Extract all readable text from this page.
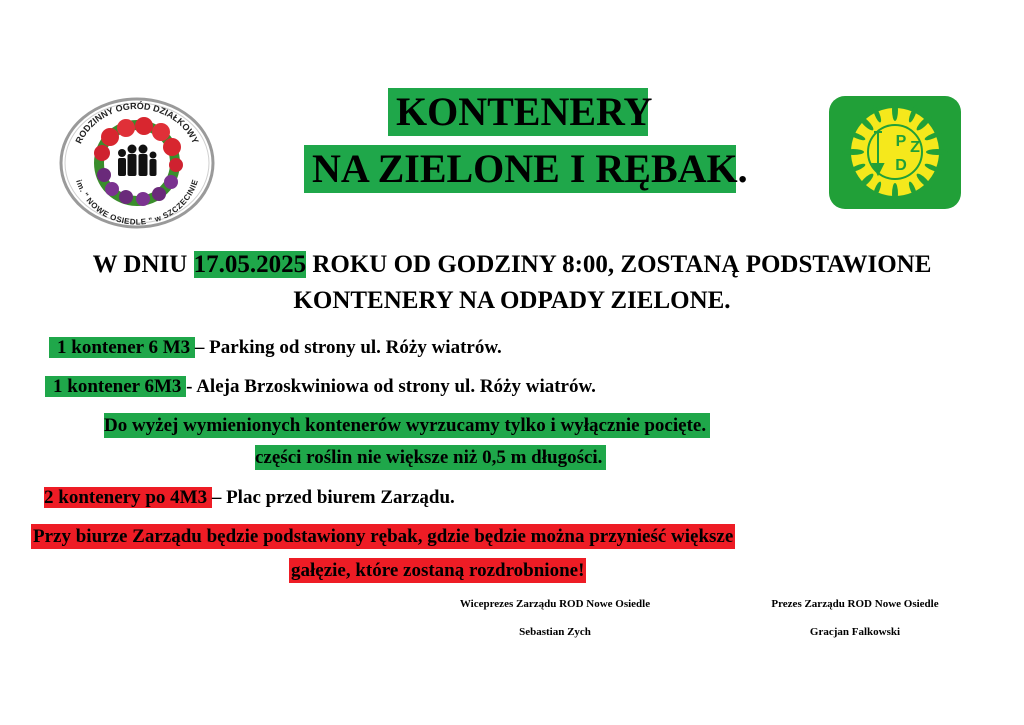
RODZINNY OGRÓD DZIAŁKOWY
im. " NOWE OSIEDLE " w SZCZECINIE
KONTENERY
NA ZIELONE I RĘBAK.
P Z
D
W DNIU 17.05.2025 ROKU OD GODZINY 8:00, ZOSTANĄ PODSTAWIONE
KONTENERY NA ODPADY ZIELONE.
1 kontener 6 M3 – Parking od strony ul. Róży wiatrów.
1 kontener 6M3 - Aleja Brzoskwiniowa od strony ul. Róży wiatrów.
Do wyżej wymienionych kontenerów wyrzucamy tylko i wyłącznie pocięte.
części roślin nie większe niż 0,5 m długości.
2 kontenery po 4M3 – Plac przed biurem Zarządu.
Przy biurze Zarządu będzie podstawiony rębak, gdzie będzie można przynieść większe
gałęzie, które zostaną rozdrobnione!
Wiceprezes Zarządu ROD Nowe Osiedle
Sebastian Zych
Prezes Zarządu ROD Nowe Osiedle
Gracjan Falkowski
